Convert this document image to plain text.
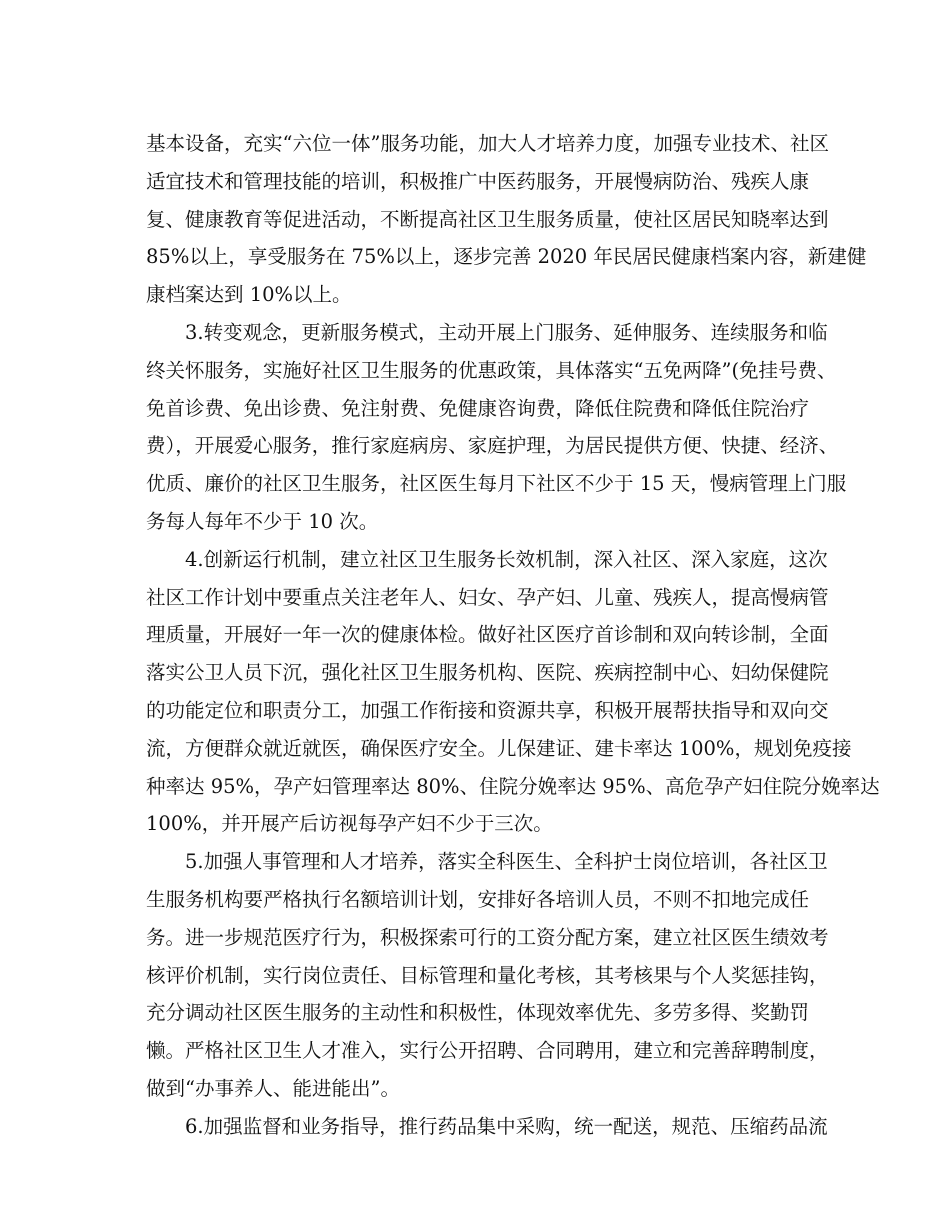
基本设备，充实“六位一体”服务功能，加大人才培养力度，加强专业技术、社区
适宜技术和管理技能的培训，积极推广中医药服务，开展慢病防治、残疾人康
复、健康教育等促进活动，不断提高社区卫生服务质量，使社区居民知晓率达到
85%以上，享受服务在 75%以上，逐步完善 2020 年民居民健康档案内容，新建健
康档案达到 10%以上。
3.转变观念，更新服务模式，主动开展上门服务、延伸服务、连续服务和临
终关怀服务，实施好社区卫生服务的优惠政策，具体落实“五免两降”(免挂号费、
免首诊费、免出诊费、免注射费、免健康咨询费，降低住院费和降低住院治疗
费），开展爱心服务，推行家庭病房、家庭护理，为居民提供方便、快捷、经济、
优质、廉价的社区卫生服务，社区医生每月下社区不少于 15 天，慢病管理上门服
务每人每年不少于 10 次。
4.创新运行机制，建立社区卫生服务长效机制，深入社区、深入家庭，这次
社区工作计划中要重点关注老年人、妇女、孕产妇、儿童、残疾人，提高慢病管
理质量，开展好一年一次的健康体检。做好社区医疗首诊制和双向转诊制，全面
落实公卫人员下沉，强化社区卫生服务机构、医院、疾病控制中心、妇幼保健院
的功能定位和职责分工，加强工作衔接和资源共享，积极开展帮扶指导和双向交
流，方便群众就近就医，确保医疗安全。儿保建证、建卡率达 100%，规划免疫接
种率达 95%，孕产妇管理率达 80%、住院分娩率达 95%、高危孕产妇住院分娩率达
100%，并开展产后访视每孕产妇不少于三次。
5.加强人事管理和人才培养，落实全科医生、全科护士岗位培训，各社区卫
生服务机构要严格执行名额培训计划，安排好各培训人员，不则不扣地完成任
务。进一步规范医疗行为，积极探索可行的工资分配方案，建立社区医生绩效考
核评价机制，实行岗位责任、目标管理和量化考核，其考核果与个人奖惩挂钩，
充分调动社区医生服务的主动性和积极性，体现效率优先、多劳多得、奖勤罚
懒。严格社区卫生人才准入，实行公开招聘、合同聘用，建立和完善辞聘制度，
做到“办事养人、能进能出”。
6.加强监督和业务指导，推行药品集中采购，统一配送，规范、压缩药品流
